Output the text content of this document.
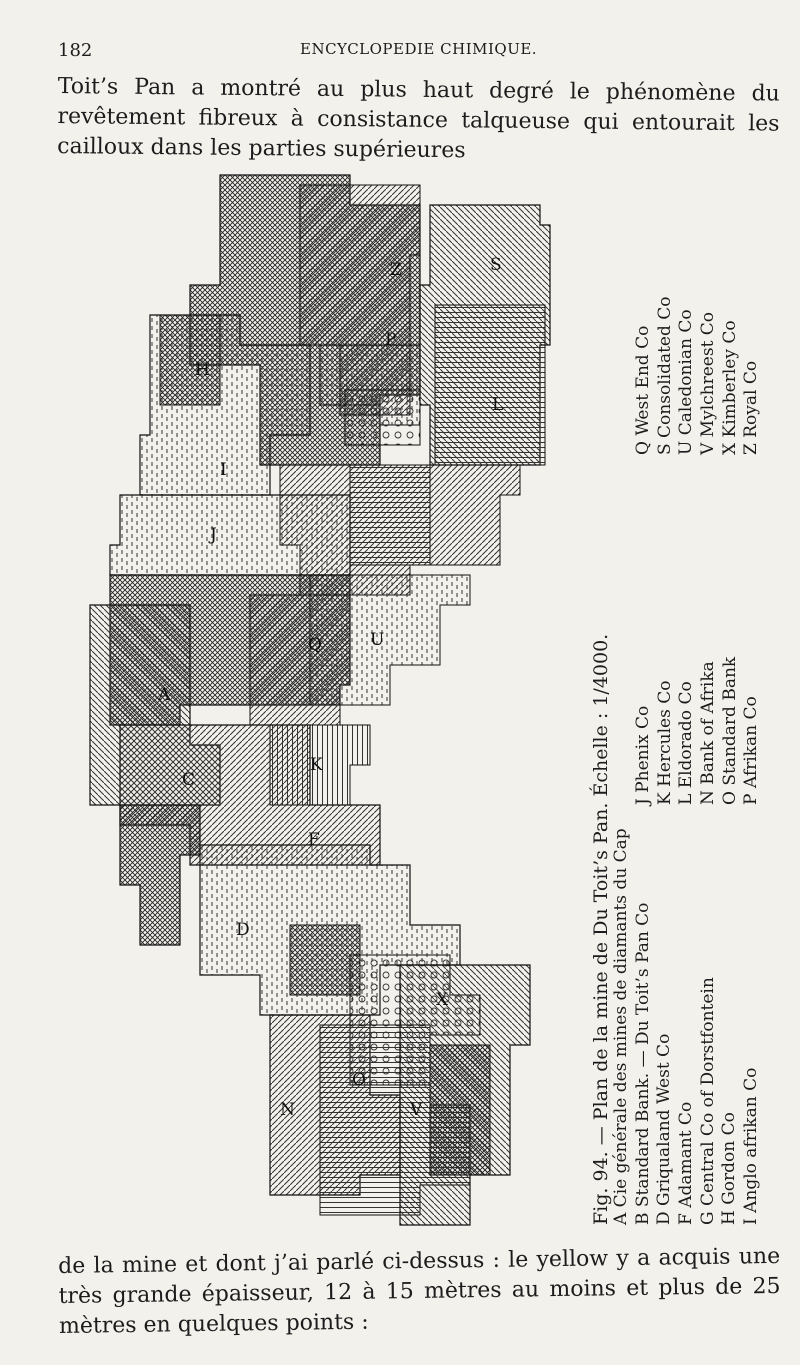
182	ENCYCLOPEDIE CHIMIQUE.

Toit’s Pan a montré au plus haut degré le phénomène du revêtement fibreux à consistance talqueuse qui entourait les cailloux dans les parties supérieures

A
C
D
F
H
I
J
K
L
N
O
P
Q
S
U
V
X
Z
Fig. 94. — Plan de la mine de Du Toit’s Pan. Échelle : 1/4000. A Cie générale des mines de diamants du Cap B Standard Bank. — Du Toit’s Pan Co D Griqualand West Co F Adamant Co G Central Co of Dorstfontein H Gordon Co I Anglo afrikan Co
J Phenix Co K Hercules Co L Eldorado Co N Bank of Afrika O Standard Bank P Afrikan Co
Q West End Co S Consolidated Co U Caledonian Co V Mylchreest Co X Kimberley Co Z Royal Co

de la mine et dont j’ai parlé ci-dessus : le yellow y a acquis une très grande épaisseur, 12 à 15 mètres au moins et plus de 25 mètres en quelques points :
